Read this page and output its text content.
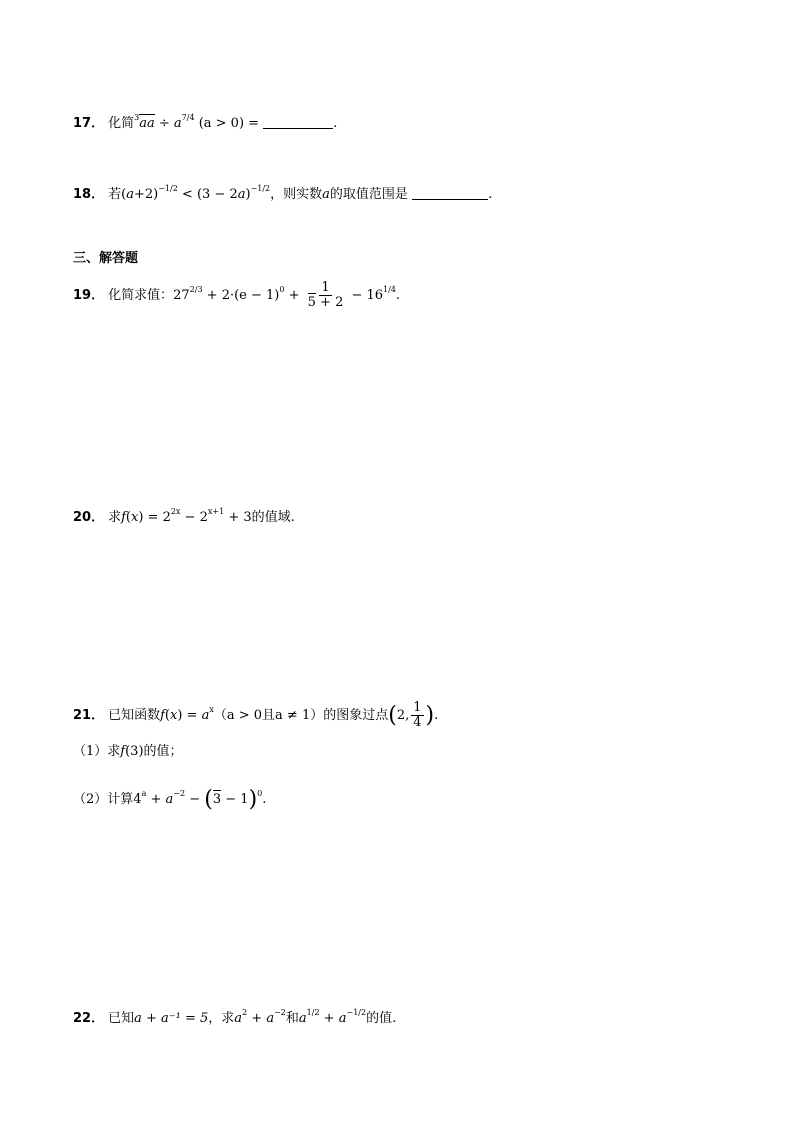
17． 化简$^3aa \div a^{7/4}$ (a > 0) =	.
18． 若$(a+2)^{-1/2} < (3 - 2a)^{-1/2}$，则实数a的取值范围是	.
三、解答题
19． 化简求值：$27^{2/3} + 2\cdot(e - 1)^0 + \frac{1}{5 + 2} - 16^{1/4}$.
20． 求$f(x) = 2^{2x} - 2^{x+1} + 3$的值域.
21． 已知函数$f(x) = a^x(a > 0$且a ≠ 1）的图象过点(2, $\frac{1}{4}$ ).
（1）求f(3)的值；
（2）计算$4^a + a^{-2} - (3 - 1)^0$.
22． 已知a + a⁻¹ = 5，求$a^2 + a^{-2}$和$a^{1/2} + a^{-1/2}$的值.
